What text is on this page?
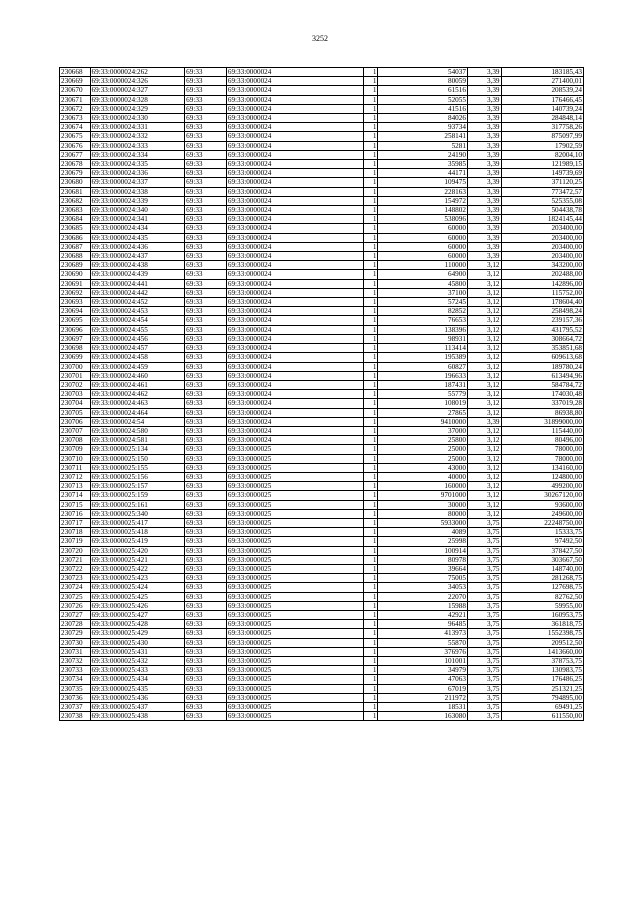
3252
230668	69:33:0000024:262	69:33	69:33:0000024	1	54037	3,39	183185,43
230669	69:33:0000024:326	69:33	69:33:0000024	1	80059	3,39	271400,01
230670	69:33:0000024:327	69:33	69:33:0000024	1	61516	3,39	208539,24
230671	69:33:0000024:328	69:33	69:33:0000024	1	52055	3,39	176466,45
230672	69:33:0000024:329	69:33	69:33:0000024	1	41516	3,39	140739,24
230673	69:33:0000024:330	69:33	69:33:0000024	1	84026	3,39	284848,14
230674	69:33:0000024:331	69:33	69:33:0000024	1	93734	3,39	317758,26
230675	69:33:0000024:332	69:33	69:33:0000024	1	258141	3,39	875097,99
230676	69:33:0000024:333	69:33	69:33:0000024	1	5281	3,39	17902,59
230677	69:33:0000024:334	69:33	69:33:0000024	1	24190	3,39	82004,10
230678	69:33:0000024:335	69:33	69:33:0000024	1	35985	3,39	121989,15
230679	69:33:0000024:336	69:33	69:33:0000024	1	44171	3,39	149739,69
230680	69:33:0000024:337	69:33	69:33:0000024	1	109475	3,39	371120,25
230681	69:33:0000024:338	69:33	69:33:0000024	1	228163	3,39	773472,57
230682	69:33:0000024:339	69:33	69:33:0000024	1	154972	3,39	525355,08
230683	69:33:0000024:340	69:33	69:33:0000024	1	148802	3,39	504438,78
230684	69:33:0000024:341	69:33	69:33:0000024	1	538096	3,39	1824145,44
230685	69:33:0000024:434	69:33	69:33:0000024	1	60000	3,39	203400,00
230686	69:33:0000024:435	69:33	69:33:0000024	1	60000	3,39	203400,00
230687	69:33:0000024:436	69:33	69:33:0000024	1	60000	3,39	203400,00
230688	69:33:0000024:437	69:33	69:33:0000024	1	60000	3,39	203400,00
230689	69:33:0000024:438	69:33	69:33:0000024	1	110000	3,12	343200,00
230690	69:33:0000024:439	69:33	69:33:0000024	1	64900	3,12	202488,00
230691	69:33:0000024:441	69:33	69:33:0000024	1	45800	3,12	142896,00
230692	69:33:0000024:442	69:33	69:33:0000024	1	37100	3,12	115752,00
230693	69:33:0000024:452	69:33	69:33:0000024	1	57245	3,12	178604,40
230694	69:33:0000024:453	69:33	69:33:0000024	1	82852	3,12	258498,24
230695	69:33:0000024:454	69:33	69:33:0000024	1	76653	3,12	239157,36
230696	69:33:0000024:455	69:33	69:33:0000024	1	138396	3,12	431795,52
230697	69:33:0000024:456	69:33	69:33:0000024	1	98931	3,12	308664,72
230698	69:33:0000024:457	69:33	69:33:0000024	1	113414	3,12	353851,68
230699	69:33:0000024:458	69:33	69:33:0000024	1	195389	3,12	609613,68
230700	69:33:0000024:459	69:33	69:33:0000024	1	60827	3,12	189780,24
230701	69:33:0000024:460	69:33	69:33:0000024	1	196633	3,12	613494,96
230702	69:33:0000024:461	69:33	69:33:0000024	1	187431	3,12	584784,72
230703	69:33:0000024:462	69:33	69:33:0000024	1	55779	3,12	174030,48
230704	69:33:0000024:463	69:33	69:33:0000024	1	108019	3,12	337019,28
230705	69:33:0000024:464	69:33	69:33:0000024	1	27865	3,12	86938,80
230706	69:33:0000024:54	69:33	69:33:0000024	1	9410000	3,39	31899000,00
230707	69:33:0000024:580	69:33	69:33:0000024	1	37000	3,12	115440,00
230708	69:33:0000024:581	69:33	69:33:0000024	1	25800	3,12	80496,00
230709	69:33:0000025:134	69:33	69:33:0000025	1	25000	3,12	78000,00
230710	69:33:0000025:150	69:33	69:33:0000025	1	25000	3,12	78000,00
230711	69:33:0000025:155	69:33	69:33:0000025	1	43000	3,12	134160,00
230712	69:33:0000025:156	69:33	69:33:0000025	1	40000	3,12	124800,00
230713	69:33:0000025:157	69:33	69:33:0000025	1	160000	3,12	499200,00
230714	69:33:0000025:159	69:33	69:33:0000025	1	9701000	3,12	30267120,00
230715	69:33:0000025:161	69:33	69:33:0000025	1	30000	3,12	93600,00
230716	69:33:0000025:340	69:33	69:33:0000025	1	80000	3,12	249600,00
230717	69:33:0000025:417	69:33	69:33:0000025	1	5933000	3,75	22248750,00
230718	69:33:0000025:418	69:33	69:33:0000025	1	4089	3,75	15333,75
230719	69:33:0000025:419	69:33	69:33:0000025	1	25998	3,75	97492,50
230720	69:33:0000025:420	69:33	69:33:0000025	1	100914	3,75	378427,50
230721	69:33:0000025:421	69:33	69:33:0000025	1	80978	3,75	303667,50
230722	69:33:0000025:422	69:33	69:33:0000025	1	39664	3,75	148740,00
230723	69:33:0000025:423	69:33	69:33:0000025	1	75005	3,75	281268,75
230724	69:33:0000025:424	69:33	69:33:0000025	1	34053	3,75	127698,75
230725	69:33:0000025:425	69:33	69:33:0000025	1	22070	3,75	82762,50
230726	69:33:0000025:426	69:33	69:33:0000025	1	15988	3,75	59955,00
230727	69:33:0000025:427	69:33	69:33:0000025	1	42921	3,75	160953,75
230728	69:33:0000025:428	69:33	69:33:0000025	1	96485	3,75	361818,75
230729	69:33:0000025:429	69:33	69:33:0000025	1	413973	3,75	1552398,75
230730	69:33:0000025:430	69:33	69:33:0000025	1	55870	3,75	209512,50
230731	69:33:0000025:431	69:33	69:33:0000025	1	376976	3,75	1413660,00
230732	69:33:0000025:432	69:33	69:33:0000025	1	101001	3,75	378753,75
230733	69:33:0000025:433	69:33	69:33:0000025	1	34979	3,75	130983,75
230734	69:33:0000025:434	69:33	69:33:0000025	1	47063	3,75	176486,25
230735	69:33:0000025:435	69:33	69:33:0000025	1	67019	3,75	251321,25
230736	69:33:0000025:436	69:33	69:33:0000025	1	211972	3,75	794895,00
230737	69:33:0000025:437	69:33	69:33:0000025	1	18531	3,75	69491,25
230738	69:33:0000025:438	69:33	69:33:0000025	1	163080	3,75	611550,00
